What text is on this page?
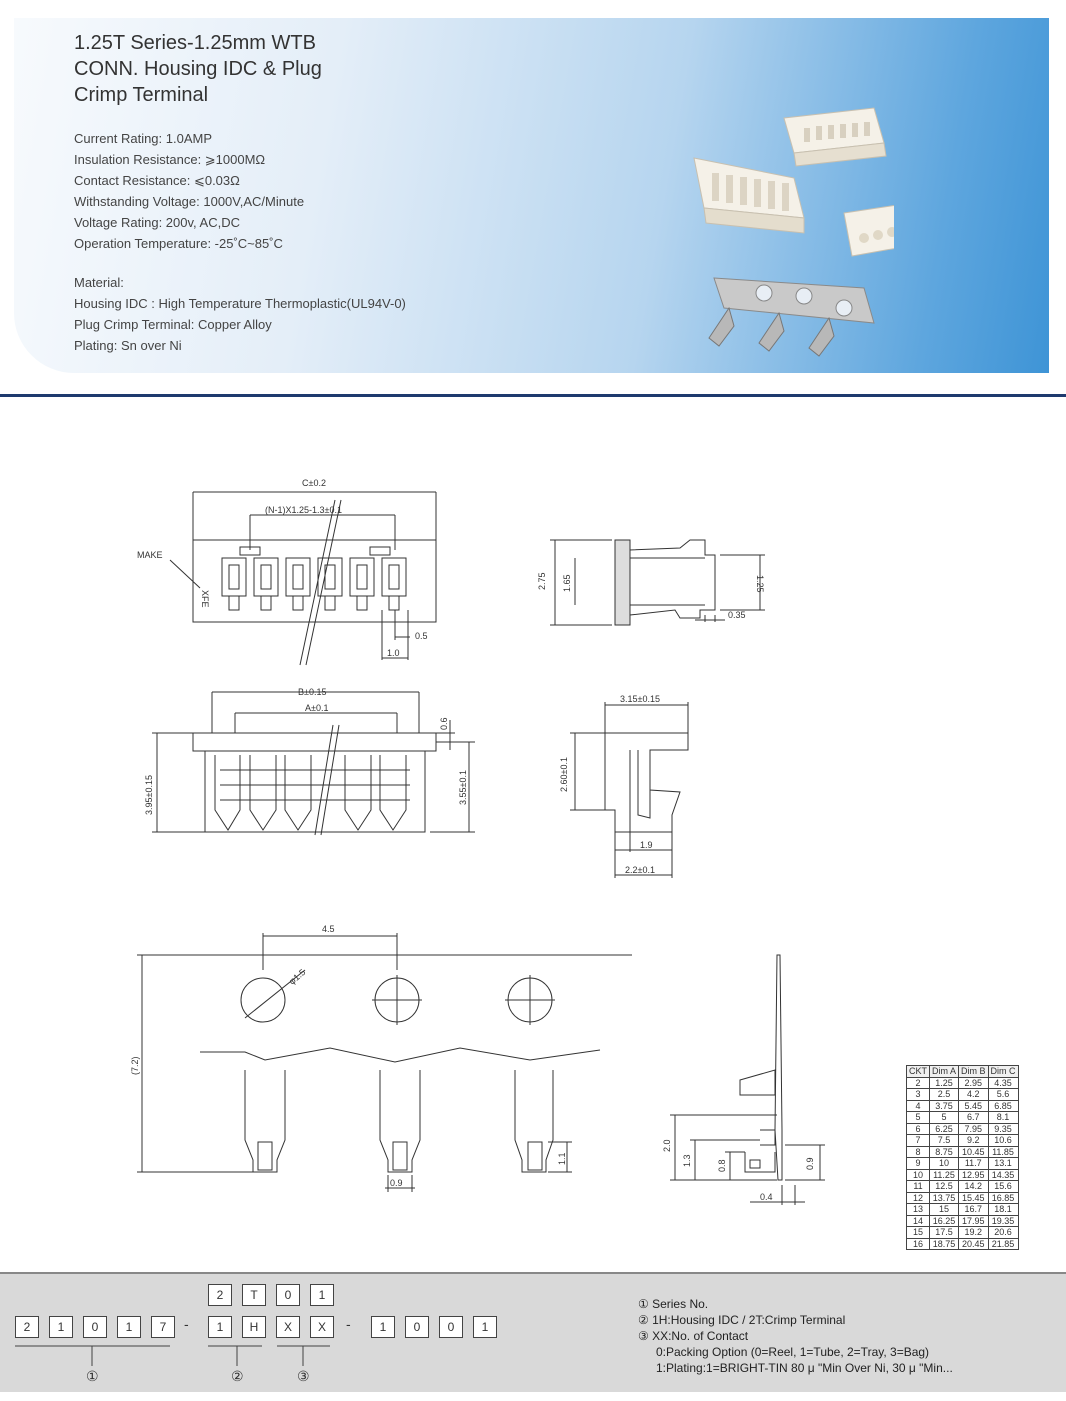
1.25T Series-1.25mm WTB
CONN. Housing IDC & Plug
Crimp Terminal
Current Rating: 1.0AMP
Insulation Resistance: ⩾1000MΩ
Contact Resistance: ⩽0.03Ω
Withstanding Voltage: 1000V,AC/Minute
Voltage Rating: 200v, AC,DC
Operation Temperature: -25˚C~85˚C
Material:
Housing IDC : High Temperature Thermoplastic(UL94V-0)
Plug Crimp Terminal: Copper Alloy
Plating: Sn over Ni
C±0.2
(N-1)X1.25-1.3±0.1
MAKE
XFE
0.5
1.0
2.75 1.65	1.25
0.35
B±0.15
A±0.1
0.6
3.95±0.15	3.55±0.1
3.15±0.15
2.60±0.1
1.9
2.2±0.1
4.5
φ1.5
(7.2)
1.1
0.9
2.0
1.3	0.8	0.9
0.4
CKT	Dim A	Dim B	Dim C
2	1.25	2.95	4.35
3	2.5	4.2	5.6
4	3.75	5.45	6.85
5	5	6.7	8.1
6	6.25	7.95	9.35
7	7.5	9.2	10.6
8	8.75	10.45	11.85
9	10	11.7	13.1
10	11.25	12.95	14.35
11	12.5	14.2	15.6
12	13.75	15.45	16.85
13	15	16.7	18.1
14	16.25	17.95	19.35
15	17.5	19.2	20.6
16	18.75	20.45	21.85
2	1	0	1	7
2	T	0	1
1	H	X	X	1	0	0	1
①	②	③
-	-
① Series No.
② 1H:Housing IDC / 2T:Crimp Terminal
③ XX:No. of Contact
0:Packing Option (0=Reel, 1=Tube, 2=Tray, 3=Bag)
1:Plating:1=BRIGHT-TIN 80 μ "Min Over Ni, 30 μ "Min...
